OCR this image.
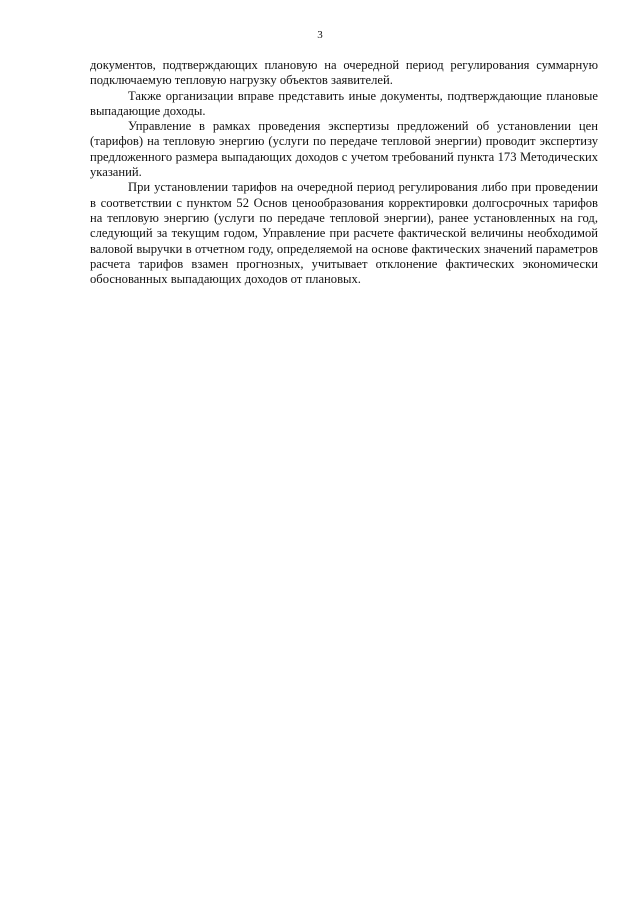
3

документов, подтверждающих плановую на очередной период регулирования суммарную подключаемую тепловую нагрузку объектов заявителей.

Также организации вправе представить иные документы, подтверждающие плановые выпадающие доходы.

Управление в рамках проведения экспертизы предложений об установлении цен (тарифов) на тепловую энергию (услуги по передаче тепловой энергии) проводит экспертизу предложенного размера выпадающих доходов с учетом требований пункта 173 Методических указаний.

При установлении тарифов на очередной период регулирования либо при проведении в соответствии с пунктом 52 Основ ценообразования корректировки долгосрочных тарифов на тепловую энергию (услуги по передаче тепловой энергии), ранее установленных на год, следующий за текущим годом, Управление при расчете фактической величины необходимой валовой выручки в отчетном году, определяемой на основе фактических значений параметров расчета тарифов взамен прогнозных, учитывает отклонение фактических экономически обоснованных выпадающих доходов от плановых.
